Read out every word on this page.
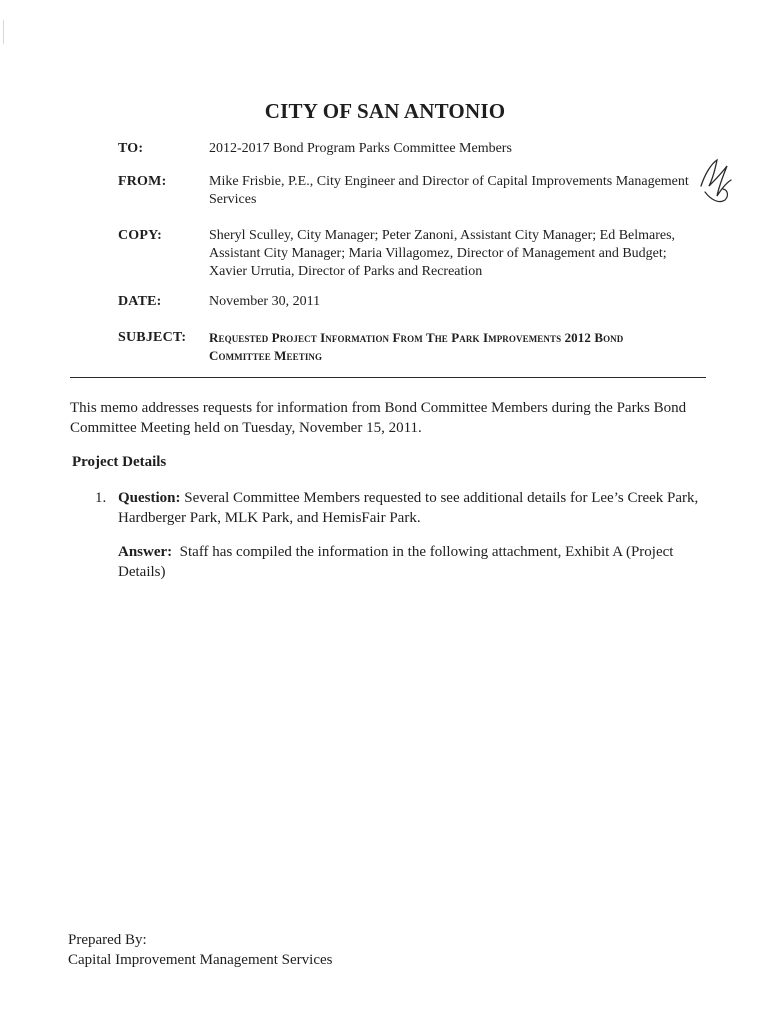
CITY OF SAN ANTONIO
TO:	2012-2017 Bond Program Parks Committee Members
FROM:	Mike Frisbie, P.E., City Engineer and Director of Capital Improvements Management
Services
COPY:	Sheryl Sculley, City Manager; Peter Zanoni, Assistant City Manager; Ed Belmares,
Assistant City Manager; Maria Villagomez, Director of Management and Budget;
Xavier Urrutia, Director of Parks and Recreation
DATE:	November 30, 2011
SUBJECT:	Requested Project Information From The Park Improvements 2012 Bond
Committee Meeting
This memo addresses requests for information from Bond Committee Members during the Parks Bond
Committee Meeting held on Tuesday, November 15, 2011.
Project Details
1. Question: Several Committee Members requested to see additional details for Lee’s Creek Park,
Hardberger Park, MLK Park, and HemisFair Park.
Answer:  Staff has compiled the information in the following attachment, Exhibit A (Project
Details)
Prepared By:
Capital Improvement Management Services
